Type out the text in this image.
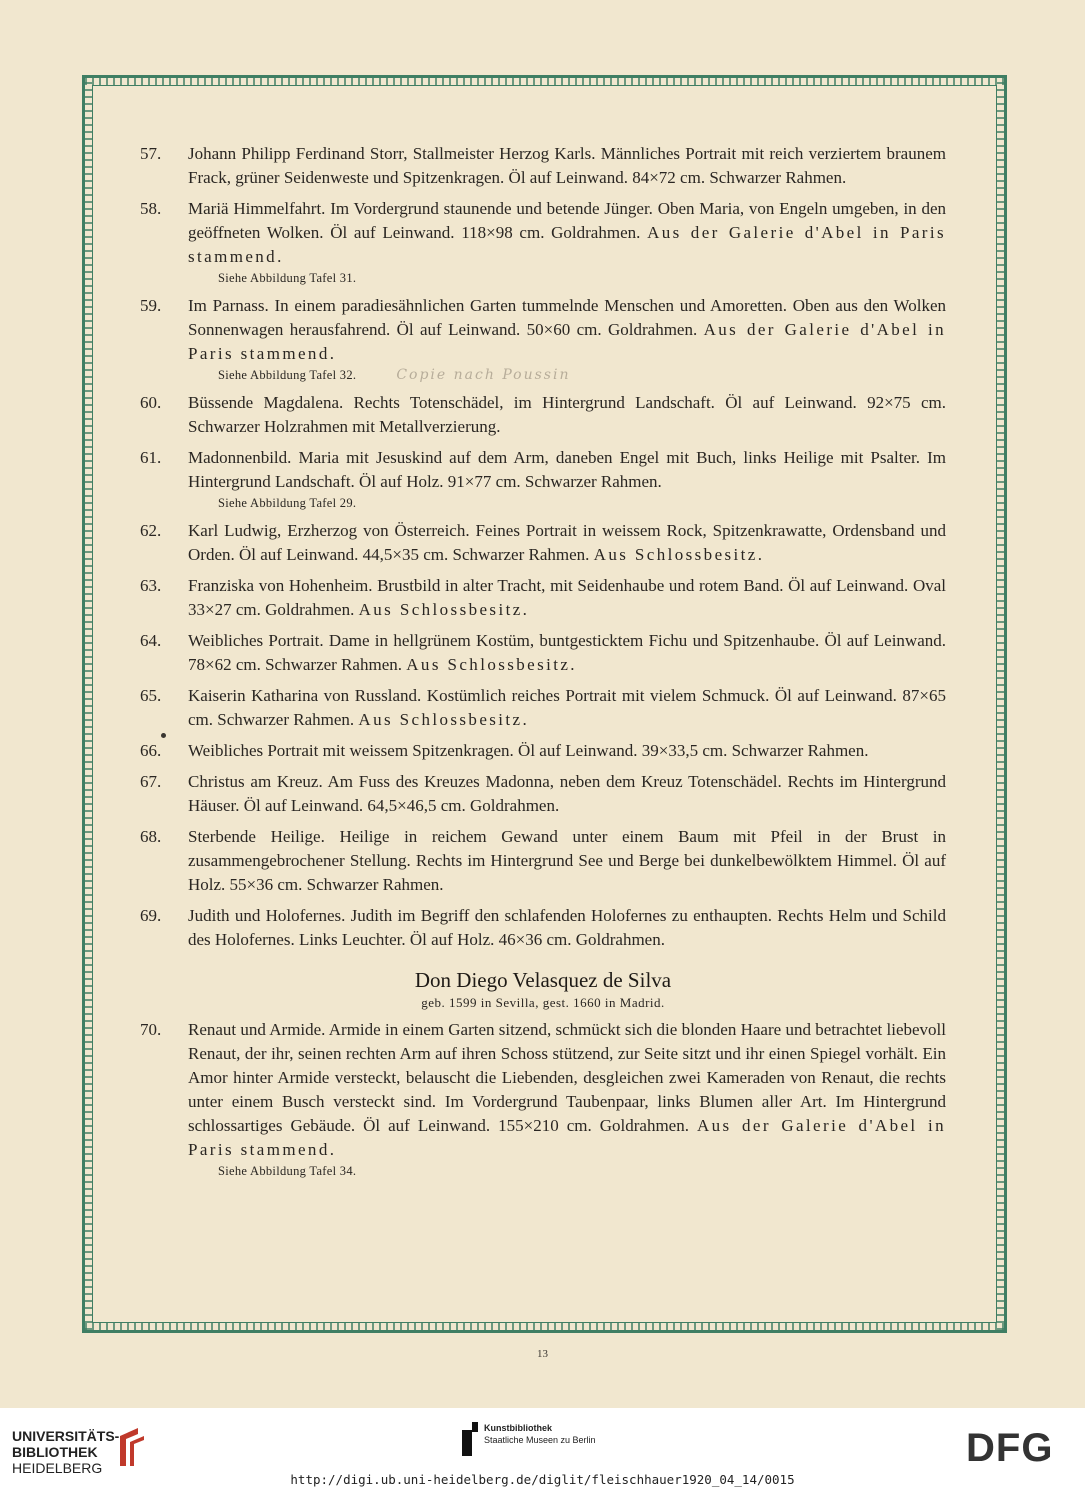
57.	Johann Philipp Ferdinand Storr, Stallmeister Herzog Karls. Männliches Portrait mit reich verziertem braunem Frack, grüner Seidenweste und Spitzenkragen. Öl auf Leinwand. 84×72 cm. Schwarzer Rahmen.
58.	Mariä Himmelfahrt. Im Vordergrund staunende und betende Jünger. Oben Maria, von Engeln umgeben, in den geöffneten Wolken. Öl auf Leinwand. 118×98 cm. Goldrahmen. Aus der Galerie d'Abel in Paris stammend.
Siehe Abbildung Tafel 31.
59.	Im Parnass. In einem paradiesähnlichen Garten tummelnde Menschen und Amoretten. Oben aus den Wolken Sonnenwagen herausfahrend. Öl auf Leinwand. 50×60 cm. Goldrahmen. Aus der Galerie d'Abel in Paris stammend.
Siehe Abbildung Tafel 32.	Copie nach Poussin
60.	Büssende Magdalena. Rechts Totenschädel, im Hintergrund Landschaft. Öl auf Leinwand. 92×75 cm. Schwarzer Holzrahmen mit Metallverzierung.
61.	Madonnenbild. Maria mit Jesuskind auf dem Arm, daneben Engel mit Buch, links Heilige mit Psalter. Im Hintergrund Landschaft. Öl auf Holz. 91×77 cm. Schwarzer Rahmen.
Siehe Abbildung Tafel 29.
62.	Karl Ludwig, Erzherzog von Österreich. Feines Portrait in weissem Rock, Spitzenkrawatte, Ordensband und Orden. Öl auf Leinwand. 44,5×35 cm. Schwarzer Rahmen. Aus Schlossbesitz.
63.	Franziska von Hohenheim. Brustbild in alter Tracht, mit Seidenhaube und rotem Band. Öl auf Leinwand. Oval 33×27 cm. Goldrahmen. Aus Schlossbesitz.
64.	Weibliches Portrait. Dame in hellgrünem Kostüm, buntgesticktem Fichu und Spitzenhaube. Öl auf Leinwand. 78×62 cm. Schwarzer Rahmen. Aus Schlossbesitz.
65.	Kaiserin Katharina von Russland. Kostümlich reiches Portrait mit vielem Schmuck. Öl auf Leinwand. 87×65 cm. Schwarzer Rahmen. Aus Schlossbesitz.
66.	Weibliches Portrait mit weissem Spitzenkragen. Öl auf Leinwand. 39×33,5 cm. Schwarzer Rahmen.
67.	Christus am Kreuz. Am Fuss des Kreuzes Madonna, neben dem Kreuz Totenschädel. Rechts im Hintergrund Häuser. Öl auf Leinwand. 64,5×46,5 cm. Goldrahmen.
68.	Sterbende Heilige. Heilige in reichem Gewand unter einem Baum mit Pfeil in der Brust in zusammengebrochener Stellung. Rechts im Hintergrund See und Berge bei dunkelbewölktem Himmel. Öl auf Holz. 55×36 cm. Schwarzer Rahmen.
69.	Judith und Holofernes. Judith im Begriff den schlafenden Holofernes zu enthaupten. Rechts Helm und Schild des Holofernes. Links Leuchter. Öl auf Holz. 46×36 cm. Goldrahmen.
Don Diego Velasquez de Silva
geb. 1599 in Sevilla, gest. 1660 in Madrid.
70.	Renaut und Armide. Armide in einem Garten sitzend, schmückt sich die blonden Haare und betrachtet liebevoll Renaut, der ihr, seinen rechten Arm auf ihren Schoss stützend, zur Seite sitzt und ihr einen Spiegel vorhält. Ein Amor hinter Armide versteckt, belauscht die Liebenden, desgleichen zwei Kameraden von Renaut, die rechts unter einem Busch versteckt sind. Im Vordergrund Taubenpaar, links Blumen aller Art. Im Hintergrund schlossartiges Gebäude. Öl auf Leinwand. 155×210 cm. Goldrahmen. Aus der Galerie d'Abel in Paris stammend.
Siehe Abbildung Tafel 34.
13
UNIVERSITÄTS-
BIBLIOTHEK
HEIDELBERG
Kunstbibliothek
Staatliche Museen zu Berlin	DFG
http://digi.ub.uni-heidelberg.de/diglit/fleischhauer1920_04_14/0015
